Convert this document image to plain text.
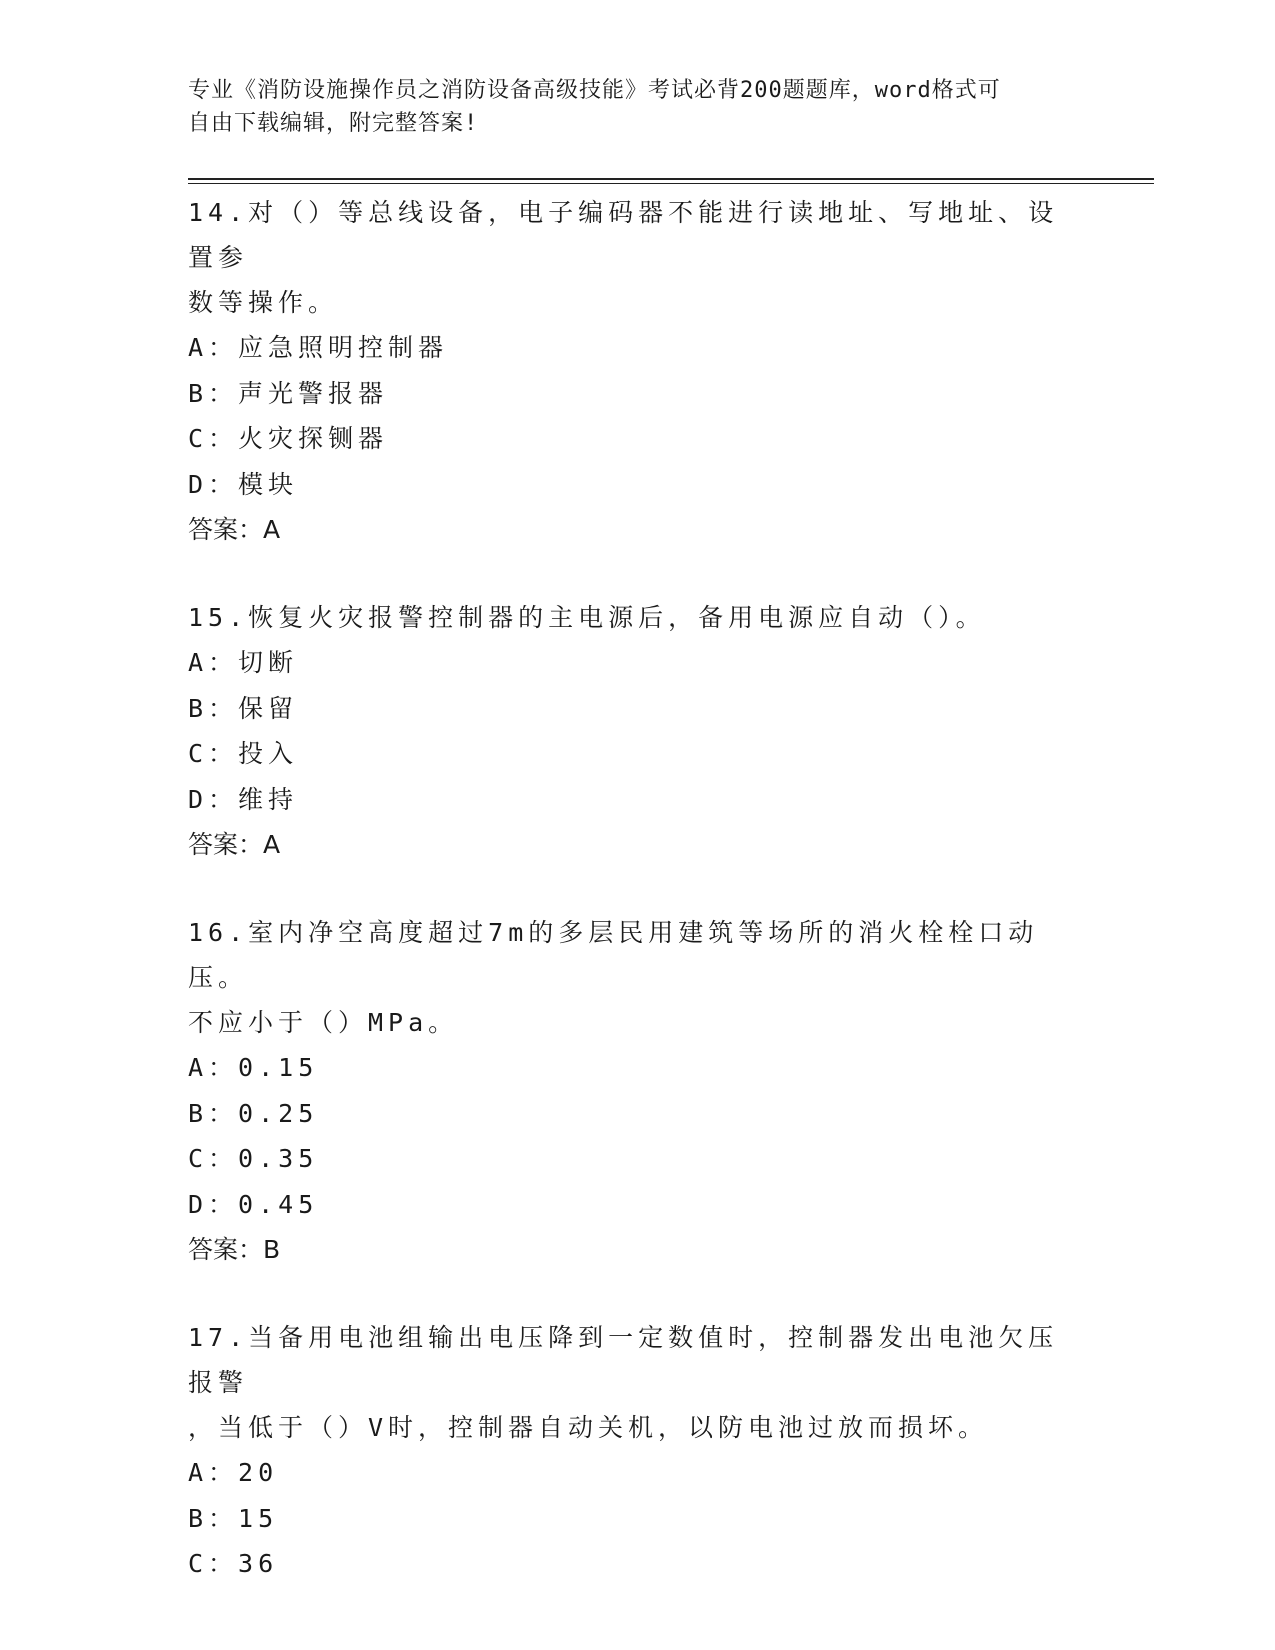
专业《消防设施操作员之消防设备高级技能》考试必背200题题库，word格式可
自由下载编辑，附完整答案!
14.对（）等总线设备，电子编码器不能进行读地址、写地址、设置参
数等操作。
A：应急照明控制器
B：声光警报器
C：火灾探铡器
D：模块
答案：A
15.恢复火灾报警控制器的主电源后，备用电源应自动（）。
A：切断
B：保留
C：投入
D：维持
答案：A
16.室内净空高度超过7m的多层民用建筑等场所的消火栓栓口动压。
不应小于（）MPa。
A：0.15
B：0.25
C：0.35
D：0.45
答案：B
17.当备用电池组输出电压降到一定数值时，控制器发出电池欠压报警
，当低于（）V时，控制器自动关机，以防电池过放而损坏。
A：20
B：15
C：36
